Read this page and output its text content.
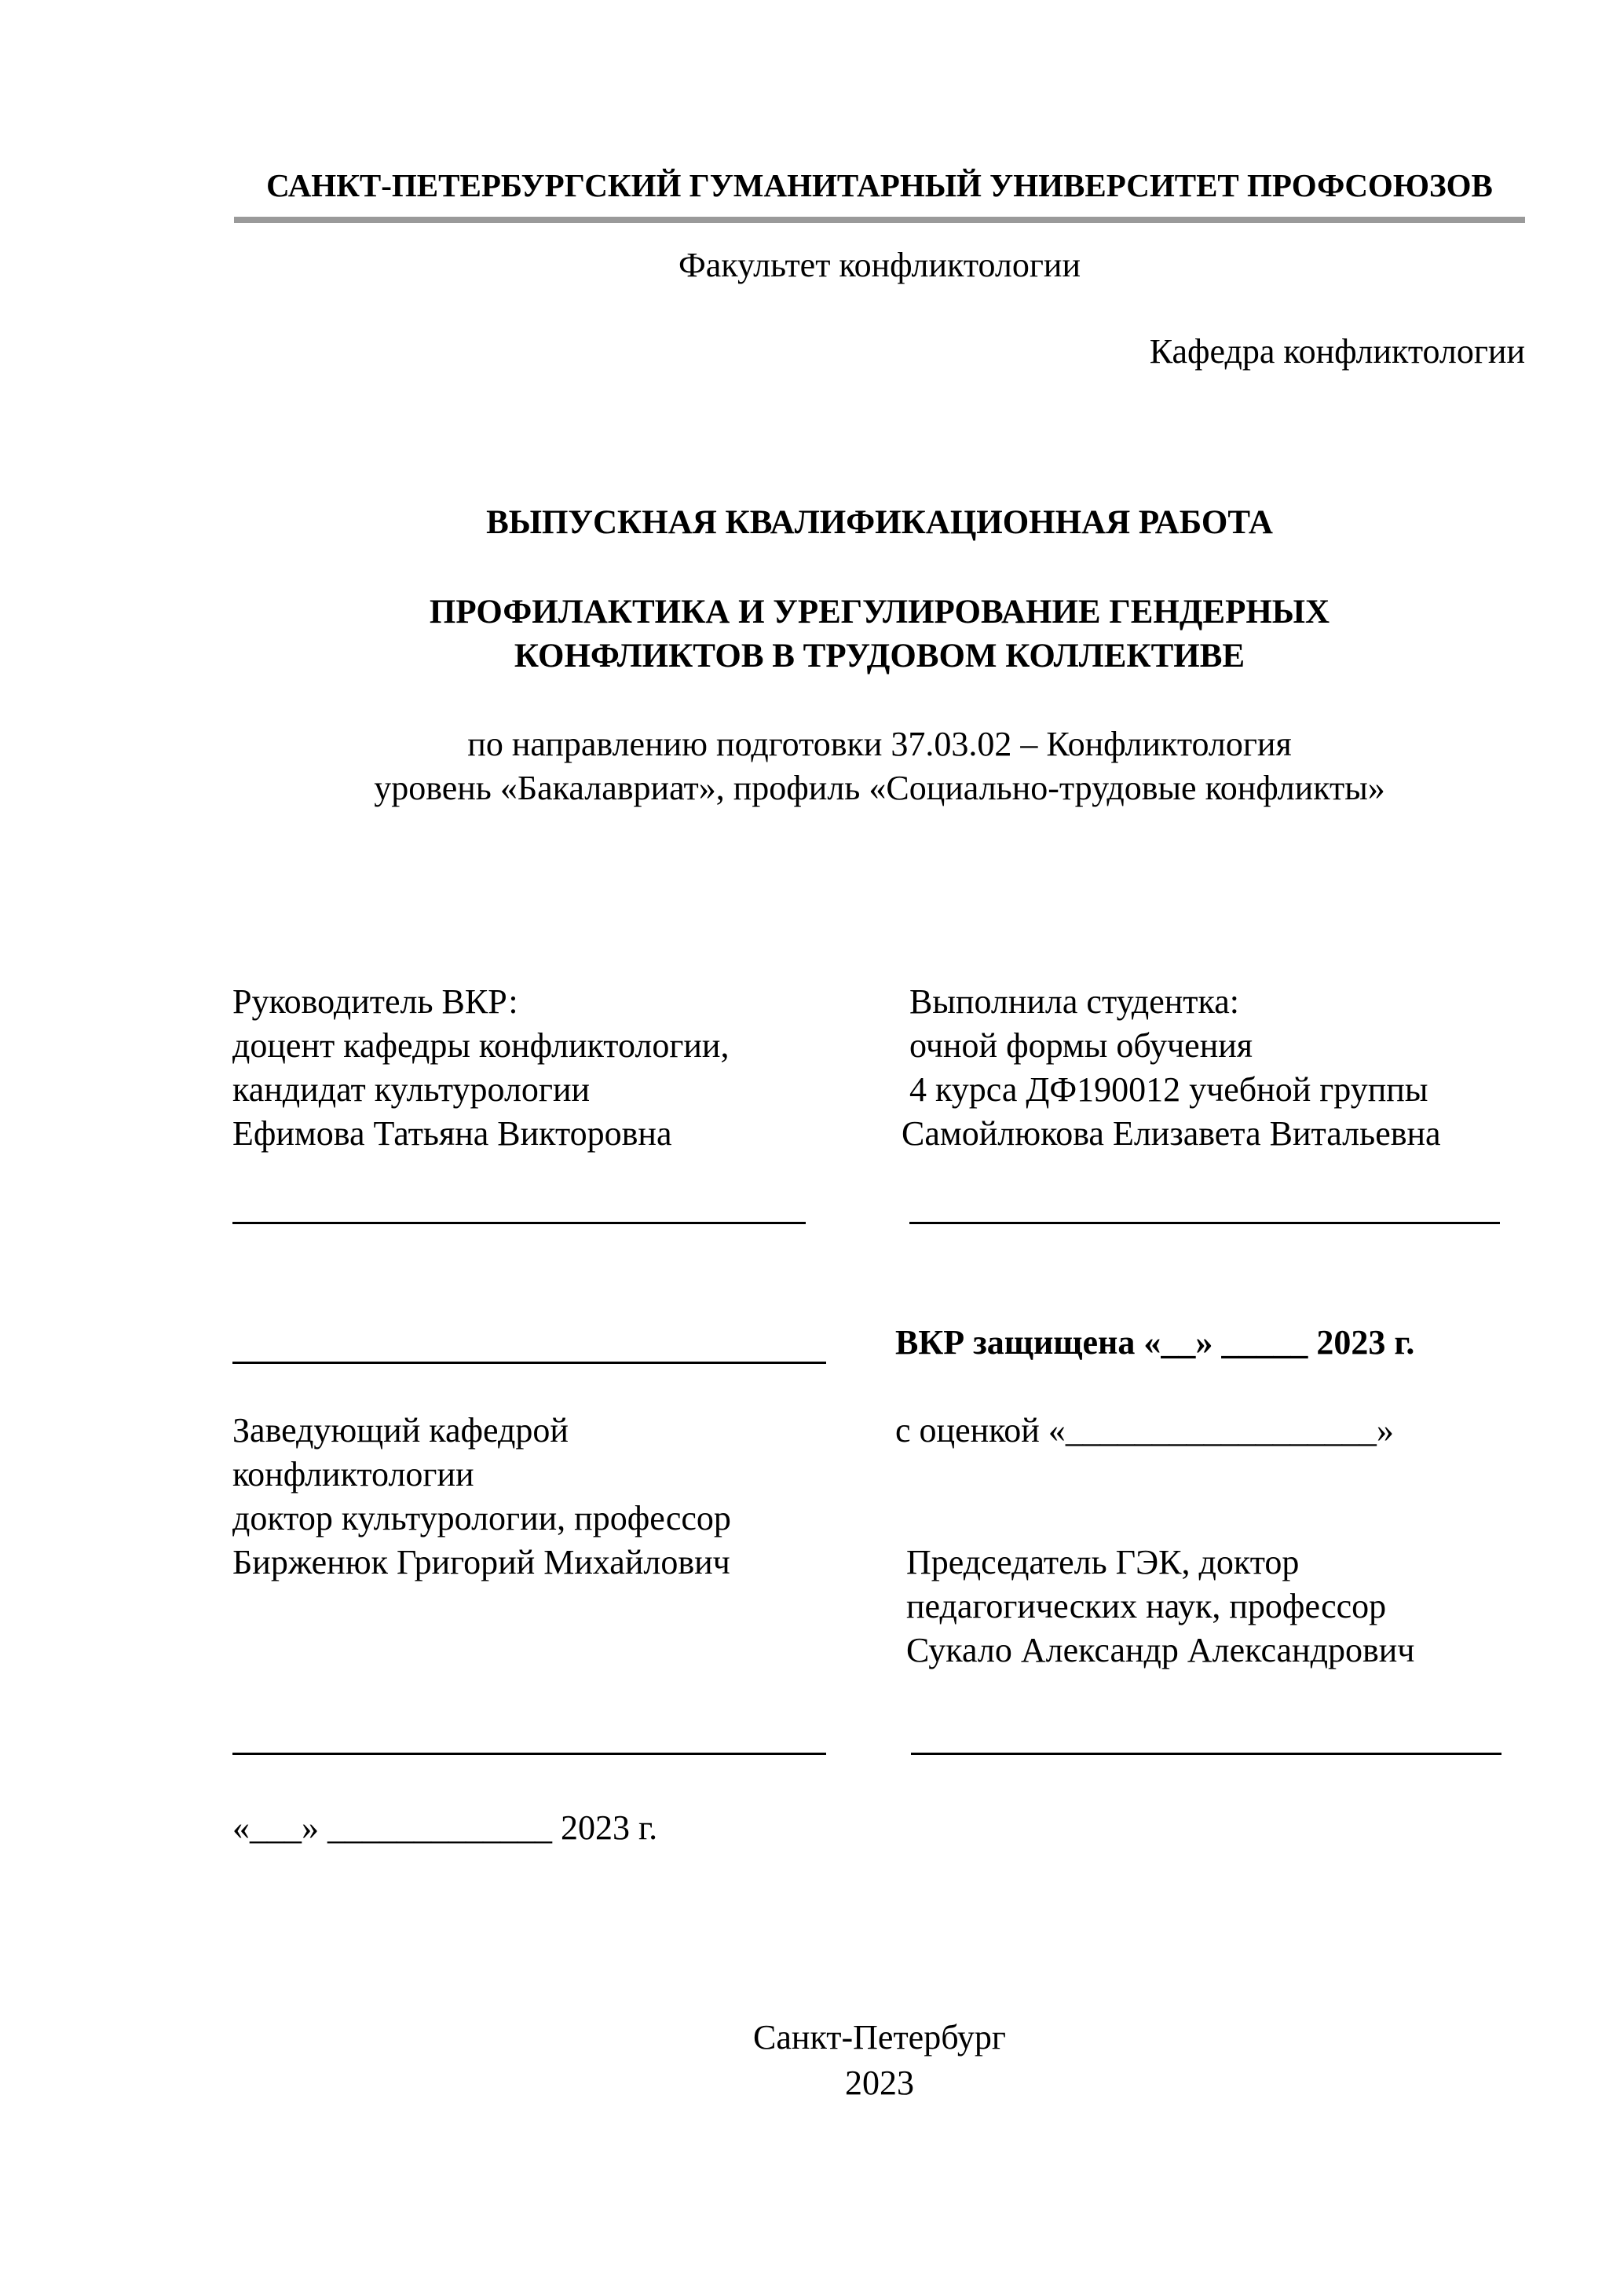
САНКТ-ПЕТЕРБУРГСКИЙ ГУМАНИТАРНЫЙ УНИВЕРСИТЕТ ПРОФСОЮЗОВ
Факультет конфликтологии
Кафедра конфликтологии
ВЫПУСКНАЯ КВАЛИФИКАЦИОННАЯ РАБОТА
ПРОФИЛАКТИКА И УРЕГУЛИРОВАНИЕ ГЕНДЕРНЫХ
КОНФЛИКТОВ В ТРУДОВОМ КОЛЛЕКТИВЕ
по направлению подготовки 37.03.02 – Конфликтология
уровень «Бакалавриат», профиль «Социально-трудовые конфликты»
Руководитель ВКР:
доцент кафедры конфликтологии,
кандидат культурологии
Ефимова Татьяна Викторовна
Выполнила студентка:
очной формы обучения
4 курса ДФ190012 учебной группы
Самойлюкова Елизавета Витальевна
ВКР защищена «__» _____ 2023 г.
с оценкой «__________________»
Заведующий кафедрой
конфликтологии
доктор культурологии, профессор
Бирженюк Григорий Михайлович	Председатель ГЭК, доктор
педагогических наук, профессор
Сукало Александр Александрович
«___» _____________ 2023 г.
Санкт-Петербург
2023
